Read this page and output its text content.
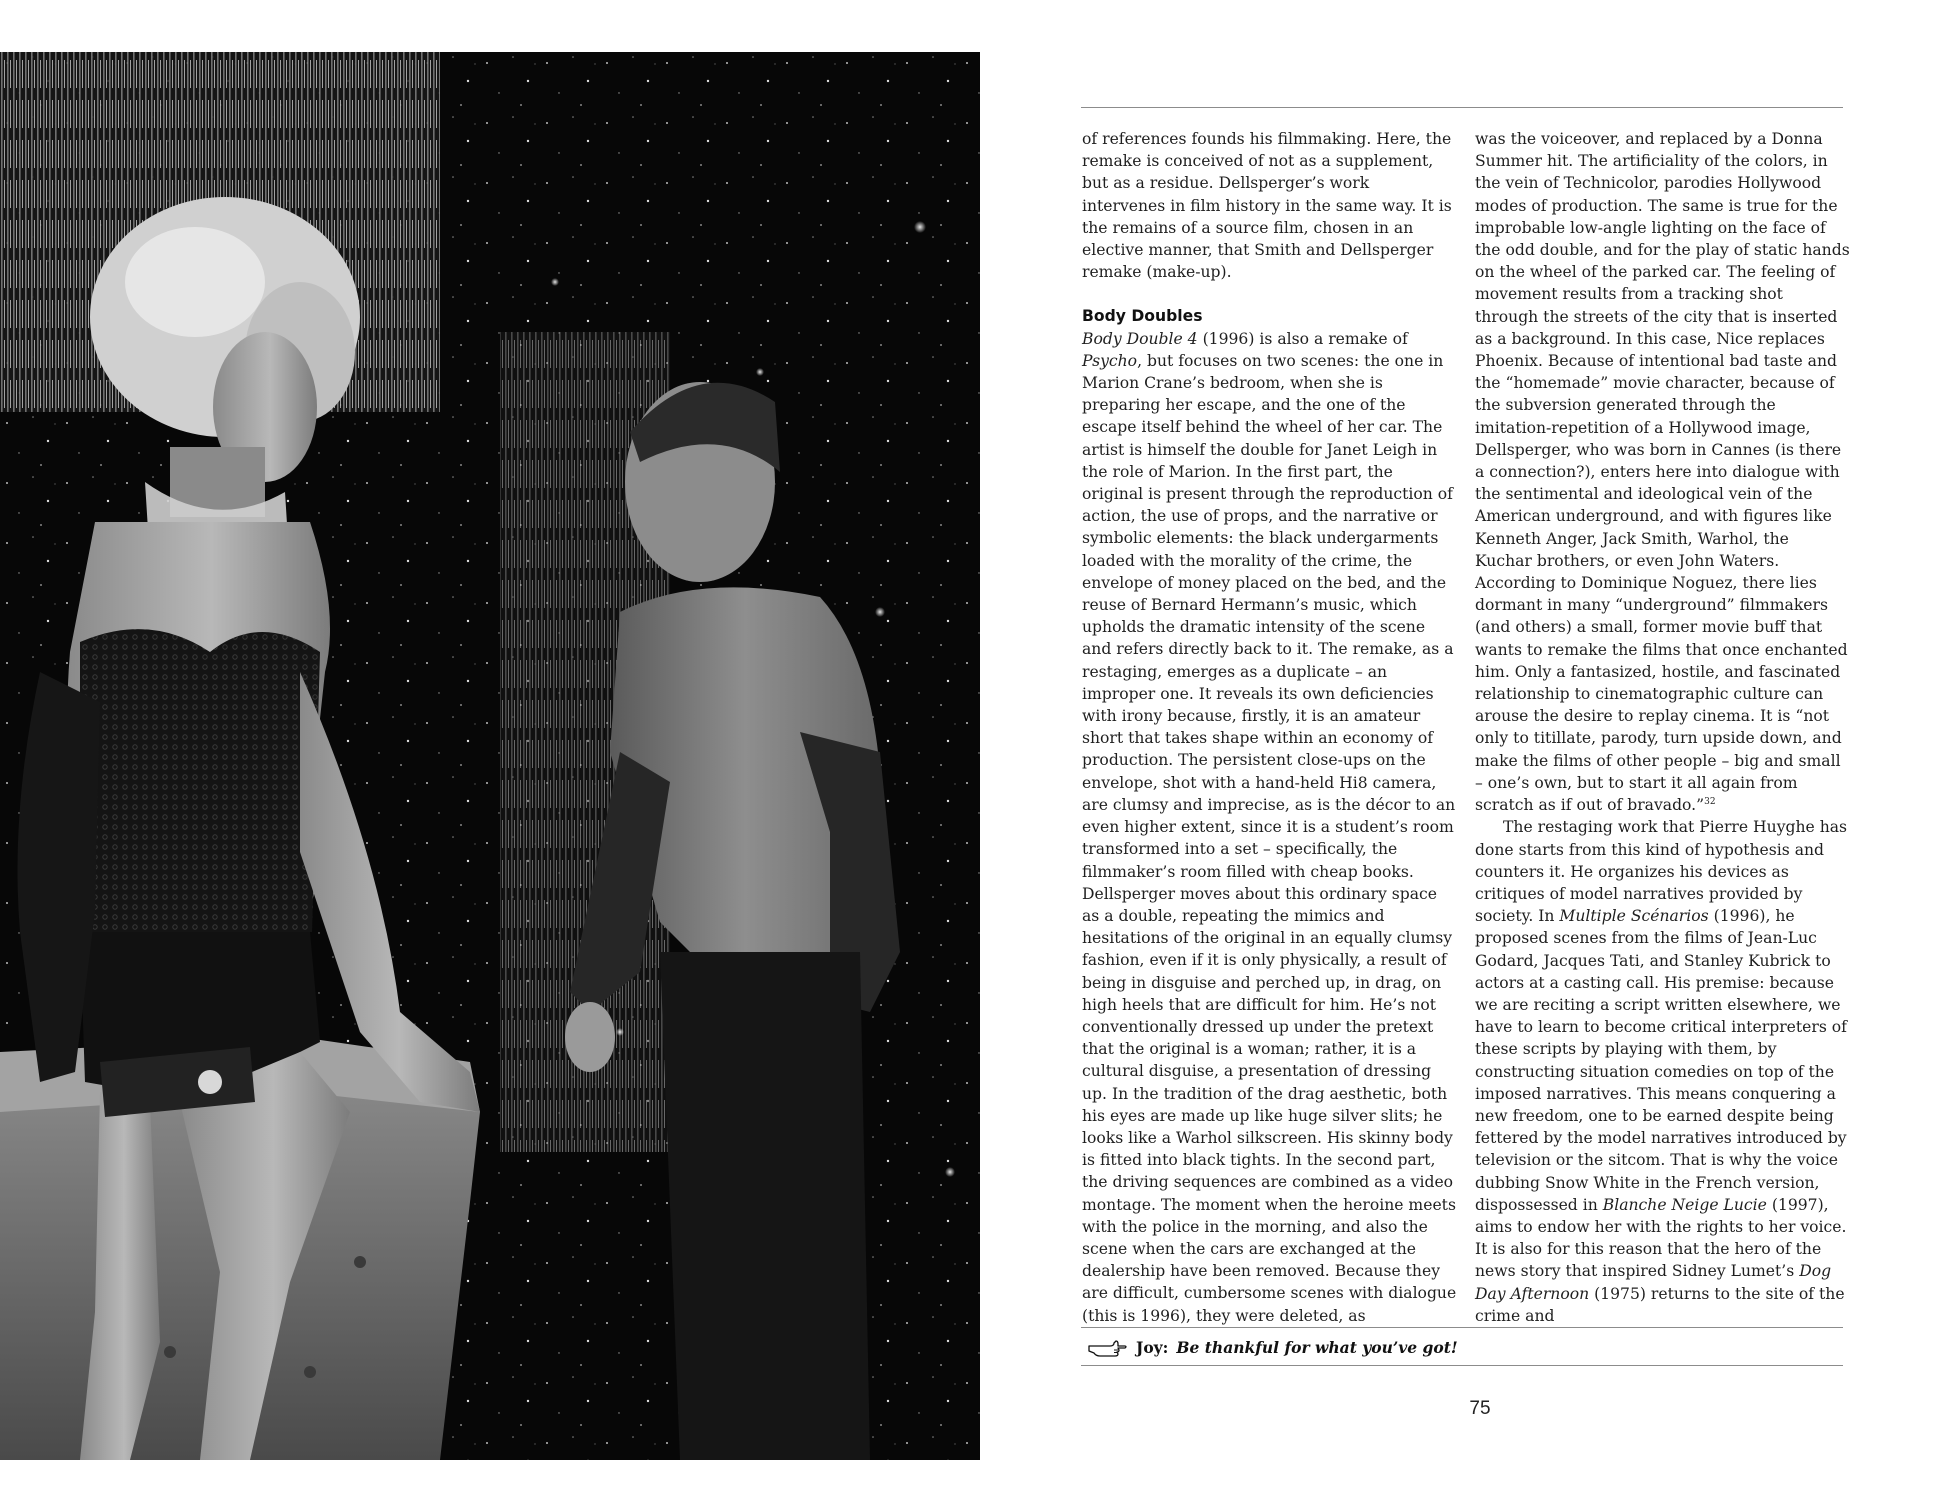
of references founds his filmmaking. Here, the remake is conceived of not as a supplement, but as a residue. Dellsperger’s work intervenes in film history in the same way. It is the remains of a source film, chosen in an elective manner, that Smith and Dellsperger remake (make-up).

Body Doubles

Body Double 4 (1996) is also a remake of Psycho, but focuses on two scenes: the one in Marion Crane’s bedroom, when she is preparing her escape, and the one of the escape itself behind the wheel of her car. The artist is himself the double for Janet Leigh in the role of Marion. In the first part, the original is present through the reproduction of action, the use of props, and the narrative or symbolic elements: the black undergarments loaded with the morality of the crime, the envelope of money placed on the bed, and the reuse of Bernard Hermann’s music, which upholds the dramatic intensity of the scene and refers directly back to it. The remake, as a restaging, emerges as a duplicate – an improper one. It reveals its own deficiencies with irony because, firstly, it is an amateur short that takes shape within an economy of production. The persistent close-ups on the envelope, shot with a hand-held Hi8 camera, are clumsy and imprecise, as is the décor to an even higher extent, since it is a student’s room transformed into a set – specifically, the filmmaker’s room filled with cheap books. Dellsperger moves about this ordinary space as a double, repeating the mimics and hesitations of the original in an equally clumsy fashion, even if it is only physically, a result of being in disguise and perched up, in drag, on high heels that are difficult for him. He’s not conventionally dressed up under the pretext that the original is a woman; rather, it is a cultural disguise, a presentation of dressing up. In the tradition of the drag aesthetic, both his eyes are made up like huge silver slits; he looks like a Warhol silkscreen. His skinny body is fitted into black tights. In the second part, the driving sequences are combined as a video montage. The moment when the heroine meets with the police in the morning, and also the scene when the cars are exchanged at the dealership have been removed. Because they are difficult, cumbersome scenes with dialogue (this is 1996), they were deleted, as

was the voiceover, and replaced by a Donna Summer hit. The artificiality of the colors, in the vein of Technicolor, parodies Hollywood modes of production. The same is true for the improbable low-angle lighting on the face of the odd double, and for the play of static hands on the wheel of the parked car. The feeling of movement results from a tracking shot through the streets of the city that is inserted as a background. In this case, Nice replaces Phoenix. Because of intentional bad taste and the “homemade” movie character, because of the subversion generated through the imitation-repetition of a Hollywood image, Dellsperger, who was born in Cannes (is there a connection?), enters here into dialogue with the sentimental and ideological vein of the American underground, and with figures like Kenneth Anger, Jack Smith, Warhol, the Kuchar brothers, or even John Waters. According to Dominique Noguez, there lies dormant in many “underground” filmmakers (and others) a small, former movie buff that wants to remake the films that once enchanted him. Only a fantasized, hostile, and fascinated relationship to cinematographic culture can arouse the desire to replay cinema. It is “not only to titillate, parody, turn upside down, and make the films of other people – big and small – one’s own, but to start it all again from scratch as if out of bravado.”$^{32}$

The restaging work that Pierre Huyghe has done starts from this kind of hypothesis and counters it. He organizes his devices as critiques of model narratives provided by society. In Multiple Scénarios (1996), he proposed scenes from the films of Jean-Luc Godard, Jacques Tati, and Stanley Kubrick to actors at a casting call. His premise: because we are reciting a script written elsewhere, we have to learn to become critical interpreters of these scripts by playing with them, by constructing situation comedies on top of the imposed narratives. This means conquering a new freedom, one to be earned despite being fettered by the model narratives introduced by television or the sitcom. That is why the voice dubbing Snow White in the French version, dispossessed in Blanche Neige Lucie (1997), aims to endow her with the rights to her voice. It is also for this reason that the hero of the news story that inspired Sidney Lumet’s Dog Day Afternoon (1975) returns to the site of the crime and

Joy: Be thankful for what you’ve got!
75
